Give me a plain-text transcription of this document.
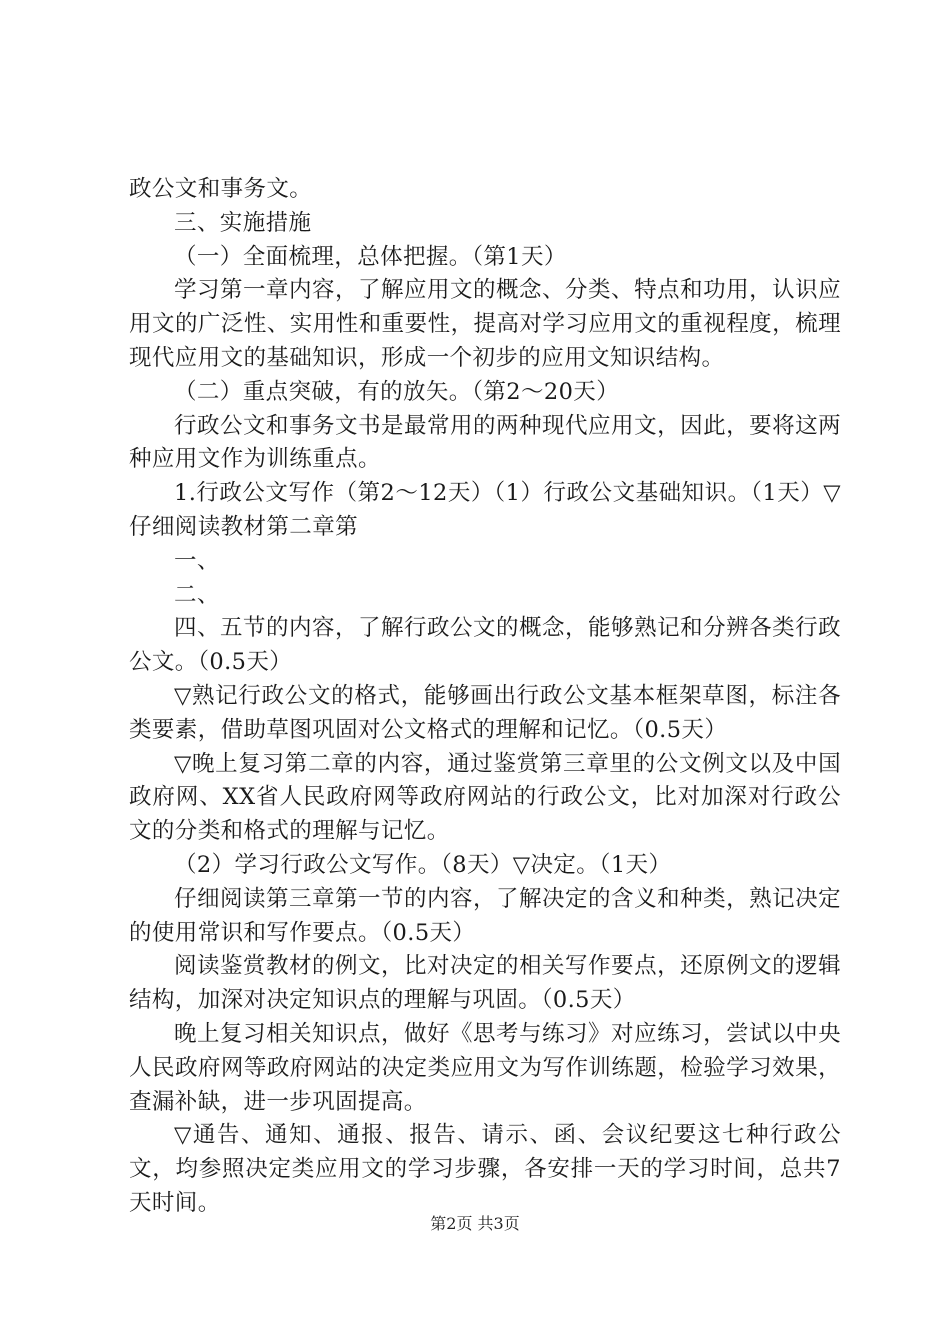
政公文和事务文。

三、实施措施

（一）全面梳理，总体把握。（第1天）

学习第一章内容，了解应用文的概念、分类、特点和功用，认识应用文的广泛性、实用性和重要性，提高对学习应用文的重视程度，梳理现代应用文的基础知识，形成一个初步的应用文知识结构。

（二）重点突破，有的放矢。（第2～20天）

行政公文和事务文书是最常用的两种现代应用文，因此，要将这两种应用文作为训练重点。

1.行政公文写作（第2～12天）（1）行政公文基础知识。（1天）▽仔细阅读教材第二章第

一、

二、

四、五节的内容，了解行政公文的概念，能够熟记和分辨各类行政公文。（0.5天）

▽熟记行政公文的格式，能够画出行政公文基本框架草图，标注各类要素，借助草图巩固对公文格式的理解和记忆。（0.5天）

▽晚上复习第二章的内容，通过鉴赏第三章里的公文例文以及中国政府网、XX省人民政府网等政府网站的行政公文，比对加深对行政公文的分类和格式的理解与记忆。

（2）学习行政公文写作。（8天）▽决定。（1天）

仔细阅读第三章第一节的内容，了解决定的含义和种类，熟记决定的使用常识和写作要点。（0.5天）

阅读鉴赏教材的例文，比对决定的相关写作要点，还原例文的逻辑结构，加深对决定知识点的理解与巩固。（0.5天）

晚上复习相关知识点，做好《思考与练习》对应练习，尝试以中央人民政府网等政府网站的决定类应用文为写作训练题，检验学习效果，查漏补缺，进一步巩固提高。

▽通告、通知、通报、报告、请示、函、会议纪要这七种行政公文，均参照决定类应用文的学习步骤，各安排一天的学习时间，总共7天时间。

第2页 共3页
